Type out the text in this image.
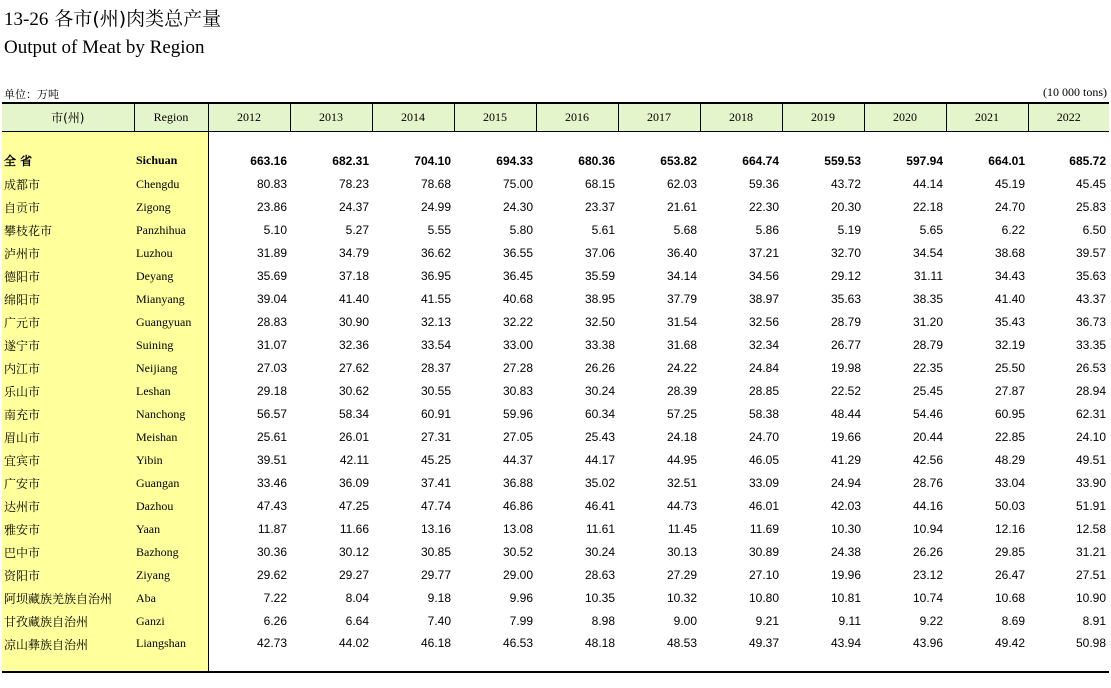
13-26 各市(州)肉类总产量
Output of Meat by Region
单位：万吨	(10 000 tons)
市(州)	Region	2012	2013	2014	2015	2016	2017	2018	2019	2020	2021	2022

全 省	Sichuan	663.16	682.31	704.10	694.33	680.36	653.82	664.74	559.53	597.94	664.01	685.72
成都市	Chengdu	80.83	78.23	78.68	75.00	68.15	62.03	59.36	43.72	44.14	45.19	45.45
自贡市	Zigong	23.86	24.37	24.99	24.30	23.37	21.61	22.30	20.30	22.18	24.70	25.83
攀枝花市	Panzhihua	5.10	5.27	5.55	5.80	5.61	5.68	5.86	5.19	5.65	6.22	6.50
泸州市	Luzhou	31.89	34.79	36.62	36.55	37.06	36.40	37.21	32.70	34.54	38.68	39.57
德阳市	Deyang	35.69	37.18	36.95	36.45	35.59	34.14	34.56	29.12	31.11	34.43	35.63
绵阳市	Mianyang	39.04	41.40	41.55	40.68	38.95	37.79	38.97	35.63	38.35	41.40	43.37
广元市	Guangyuan	28.83	30.90	32.13	32.22	32.50	31.54	32.56	28.79	31.20	35.43	36.73
遂宁市	Suining	31.07	32.36	33.54	33.00	33.38	31.68	32.34	26.77	28.79	32.19	33.35
内江市	Neijiang	27.03	27.62	28.37	27.28	26.26	24.22	24.84	19.98	22.35	25.50	26.53
乐山市	Leshan	29.18	30.62	30.55	30.83	30.24	28.39	28.85	22.52	25.45	27.87	28.94
南充市	Nanchong	56.57	58.34	60.91	59.96	60.34	57.25	58.38	48.44	54.46	60.95	62.31
眉山市	Meishan	25.61	26.01	27.31	27.05	25.43	24.18	24.70	19.66	20.44	22.85	24.10
宜宾市	Yibin	39.51	42.11	45.25	44.37	44.17	44.95	46.05	41.29	42.56	48.29	49.51
广安市	Guangan	33.46	36.09	37.41	36.88	35.02	32.51	33.09	24.94	28.76	33.04	33.90
达州市	Dazhou	47.43	47.25	47.74	46.86	46.41	44.73	46.01	42.03	44.16	50.03	51.91
雅安市	Yaan	11.87	11.66	13.16	13.08	11.61	11.45	11.69	10.30	10.94	12.16	12.58
巴中市	Bazhong	30.36	30.12	30.85	30.52	30.24	30.13	30.89	24.38	26.26	29.85	31.21
资阳市	Ziyang	29.62	29.27	29.77	29.00	28.63	27.29	27.10	19.96	23.12	26.47	27.51
阿坝藏族羌族自治州	Aba	7.22	8.04	9.18	9.96	10.35	10.32	10.80	10.81	10.74	10.68	10.90
甘孜藏族自治州	Ganzi	6.26	6.64	7.40	7.99	8.98	9.00	9.21	9.11	9.22	8.69	8.91
凉山彝族自治州	Liangshan	42.73	44.02	46.18	46.53	48.18	48.53	49.37	43.94	43.96	49.42	50.98
